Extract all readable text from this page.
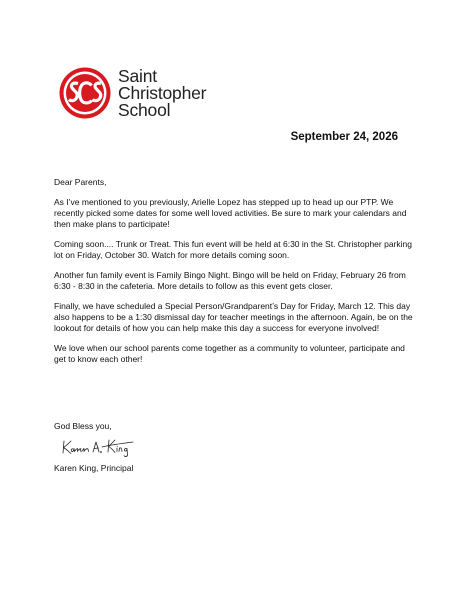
Saint
Christopher
School
September 24, 2026

Dear Parents,

As I’ve mentioned to you previously, Arielle Lopez has stepped up to head up our PTP. We recently picked some dates for some well loved activities. Be sure to mark your calendars and then make plans to participate!

Coming soon.... Trunk or Treat. This fun event will be held at 6:30 in the St. Christopher parking lot on Friday, October 30. Watch for more details coming soon.

Another fun family event is Family Bingo Night. Bingo will be held on Friday, February 26 from 6:30 - 8:30 in the cafeteria. More details to follow as this event gets closer.

Finally, we have scheduled a Special Person/Grandparent’s Day for Friday, March 12. This day also happens to be a 1:30 dismissal day for teacher meetings in the afternoon. Again, be on the lookout for details of how you can help make this day a success for everyone involved!

We love when our school parents come together as a community to volunteer, participate and get to know each other!

God Bless you,
Karen King, Principal
